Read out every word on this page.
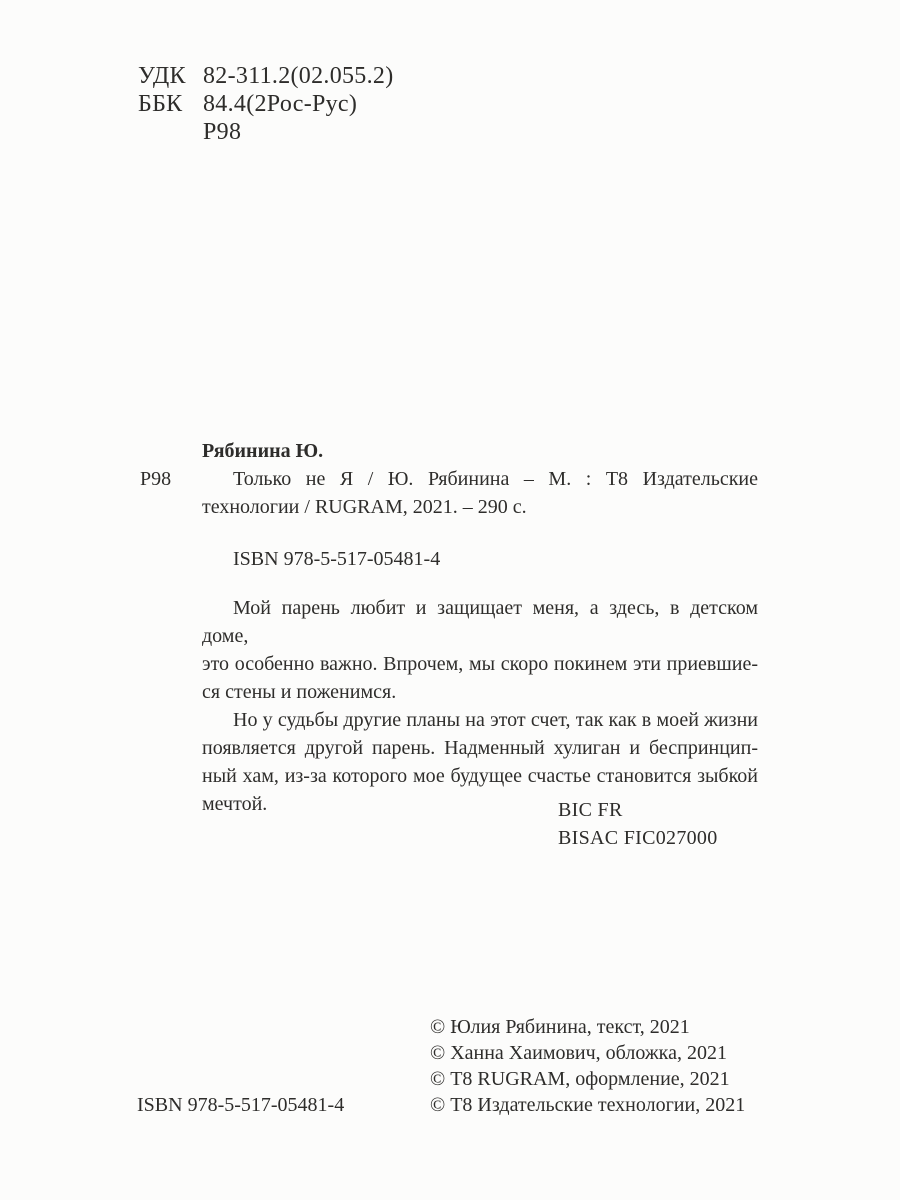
УДК 82-311.2(02.055.2)
ББК 84.4(2Рос-Рус)
Р98
Рябинина Ю.
Р98	Только не Я / Ю. Рябинина – М. : Т8 Издательские
технологии / RUGRAM, 2021. – 290 с.
ISBN 978-5-517-05481-4
Мой парень любит и защищает меня, а здесь, в детском доме,
это особенно важно. Впрочем, мы скоро покинем эти приевшие-
ся стены и поженимся.
Но у судьбы другие планы на этот счет, так как в моей жизни
появляется другой парень. Надменный хулиган и беспринцип-
ный хам, из-за которого мое будущее счастье становится зыбкой
мечтой.	BIC FR
BISAC FIC027000
© Юлия Рябинина, текст, 2021
© Ханна Хаимович, обложка, 2021
© Т8 RUGRAM, оформление, 2021
© Т8 Издательские технологии, 2021
ISBN 978-5-517-05481-4
